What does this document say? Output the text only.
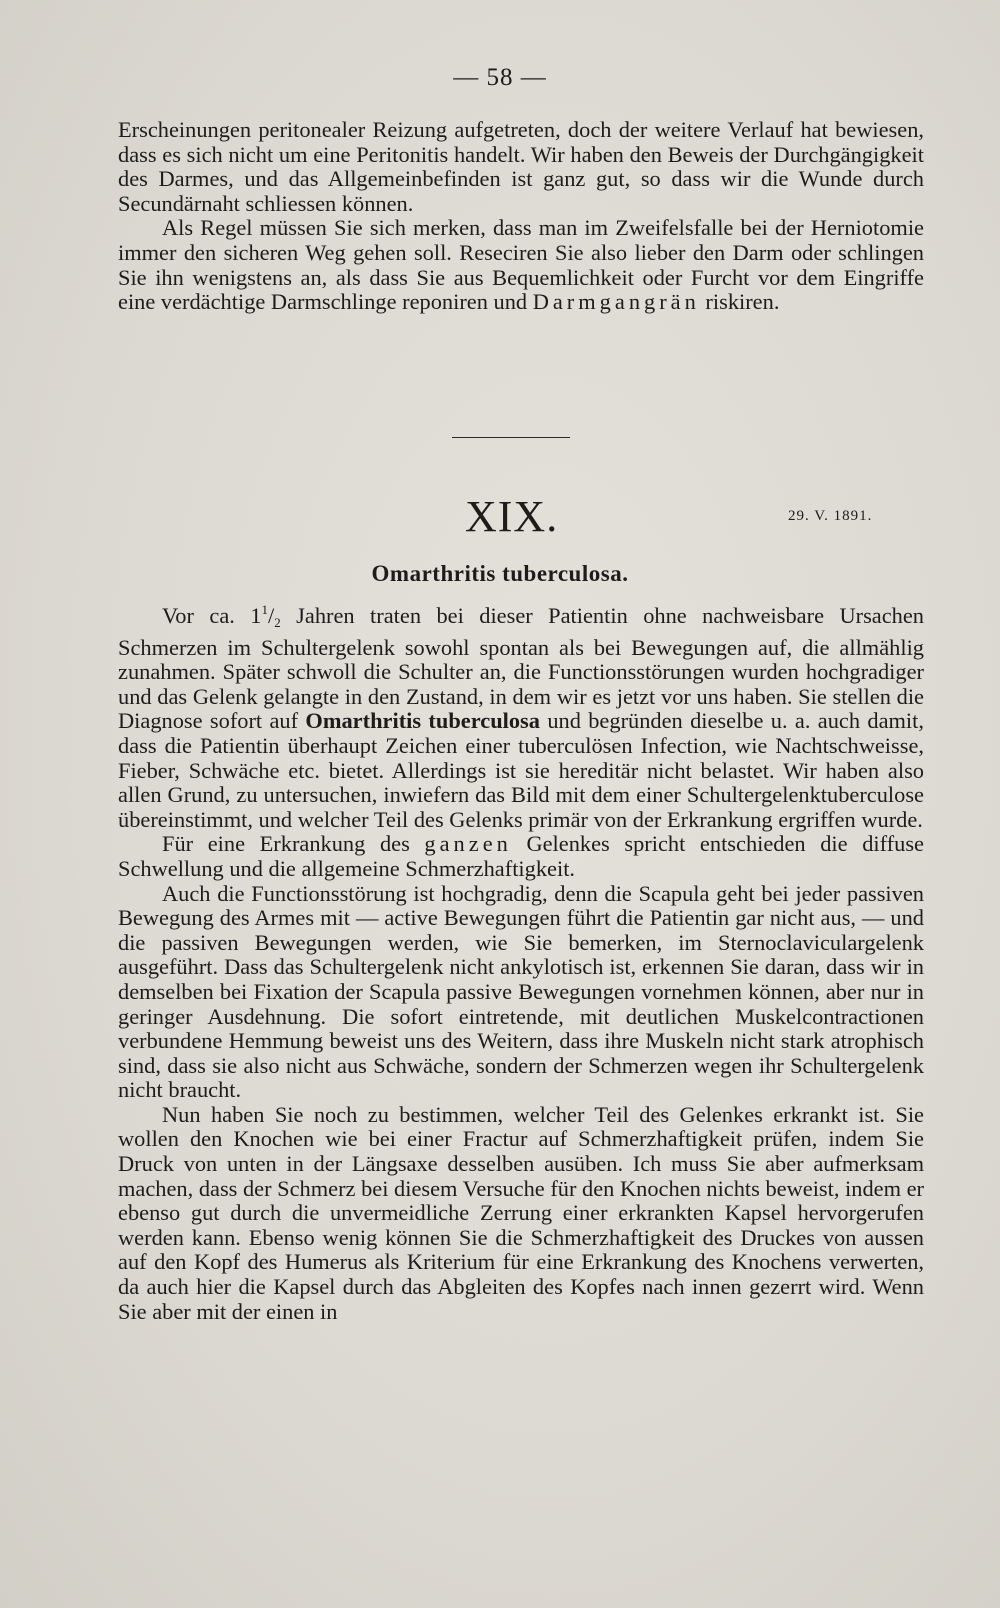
— 58 —

Erscheinungen peritonealer Reizung aufgetreten, doch der weitere Verlauf hat bewiesen, dass es sich nicht um eine Peritonitis handelt. Wir haben den Beweis der Durchgängigkeit des Darmes, und das Allgemeinbefinden ist ganz gut, so dass wir die Wunde durch Secundärnaht schliessen können.

Als Regel müssen Sie sich merken, dass man im Zweifelsfalle bei der Herniotomie immer den sicheren Weg gehen soll. Reseciren Sie also lieber den Darm oder schlingen Sie ihn wenigstens an, als dass Sie aus Bequemlichkeit oder Furcht vor dem Eingriffe eine verdächtige Darmschlinge reponiren und Darmgangrän riskiren.

XIX.	29. V. 1891.
Omarthritis tuberculosa.

Vor ca. $1^1/_2$ Jahren traten bei dieser Patientin ohne nachweisbare Ursachen Schmerzen im Schultergelenk sowohl spontan als bei Bewegungen auf, die allmählig zunahmen. Später schwoll die Schulter an, die Functionsstörungen wurden hochgradiger und das Gelenk gelangte in den Zustand, in dem wir es jetzt vor uns haben. Sie stellen die Diagnose sofort auf Omarthritis tuberculosa und begründen dieselbe u. a. auch damit, dass die Patientin überhaupt Zeichen einer tuberculösen Infection, wie Nachtschweisse, Fieber, Schwäche etc. bietet. Allerdings ist sie hereditär nicht belastet. Wir haben also allen Grund, zu untersuchen, inwiefern das Bild mit dem einer Schultergelenktuberculose übereinstimmt, und welcher Teil des Gelenks primär von der Erkrankung ergriffen wurde.

Für eine Erkrankung des ganzen Gelenkes spricht entschieden die diffuse Schwellung und die allgemeine Schmerzhaftigkeit.

Auch die Functionsstörung ist hochgradig, denn die Scapula geht bei jeder passiven Bewegung des Armes mit — active Bewegungen führt die Patientin gar nicht aus, — und die passiven Bewegungen werden, wie Sie bemerken, im Sternoclaviculargelenk ausgeführt. Dass das Schultergelenk nicht ankylotisch ist, erkennen Sie daran, dass wir in demselben bei Fixation der Scapula passive Bewegungen vornehmen können, aber nur in geringer Ausdehnung. Die sofort eintretende, mit deutlichen Muskelcontractionen verbundene Hemmung beweist uns des Weitern, dass ihre Muskeln nicht stark atrophisch sind, dass sie also nicht aus Schwäche, sondern der Schmerzen wegen ihr Schultergelenk nicht braucht.

Nun haben Sie noch zu bestimmen, welcher Teil des Gelenkes erkrankt ist. Sie wollen den Knochen wie bei einer Fractur auf Schmerzhaftigkeit prüfen, indem Sie Druck von unten in der Längsaxe desselben ausüben. Ich muss Sie aber aufmerksam machen, dass der Schmerz bei diesem Versuche für den Knochen nichts beweist, indem er ebenso gut durch die unvermeidliche Zerrung einer erkrankten Kapsel hervorgerufen werden kann. Ebenso wenig können Sie die Schmerzhaftigkeit des Druckes von aussen auf den Kopf des Humerus als Kriterium für eine Erkrankung des Knochens verwerten, da auch hier die Kapsel durch das Abgleiten des Kopfes nach innen gezerrt wird. Wenn Sie aber mit der einen in
